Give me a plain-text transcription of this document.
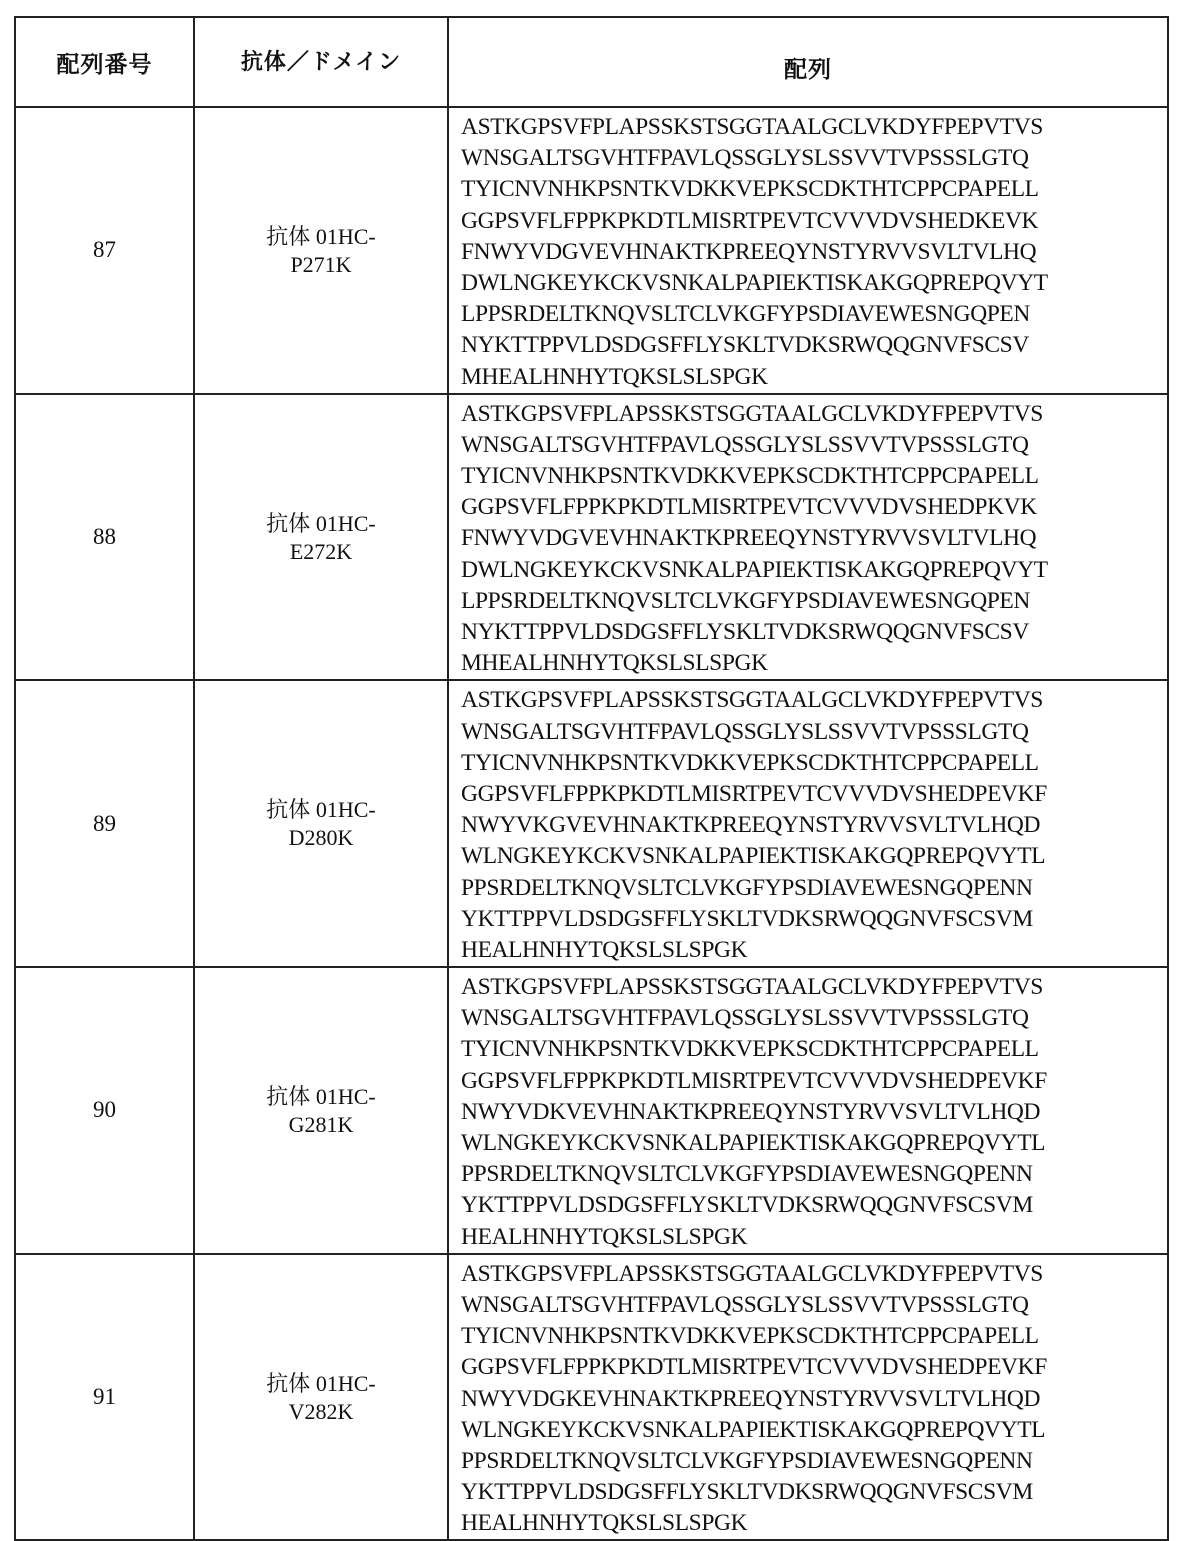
配列番号	抗体／ドメイン	配列
87	抗体 01HC-
P271K

ASTKGPSVFPLAPSSKSTSGGTAALGCLVKDYFPEPVTVS
WNSGALTSGVHTFPAVLQSSGLYSLSSVVTVPSSSLGTQ
TYICNVNHKPSNTKVDKKVEPKSCDKTHTCPPCPAPELL
GGPSVFLFPPKPKDTLMISRTPEVTCVVVDVSHEDKEVK
FNWYVDGVEVHNAKTKPREEQYNSTYRVVSVLTVLHQ
DWLNGKEYKCKVSNKALPAPIEKTISKAKGQPREPQVYT
LPPSRDELTKNQVSLTCLVKGFYPSDIAVEWESNGQPEN
NYKTTPPVLDSDGSFFLYSKLTVDKSRWQQGNVFSCSV
MHEALHNHYTQKSLSLSPGK

88	抗体 01HC-
E272K

ASTKGPSVFPLAPSSKSTSGGTAALGCLVKDYFPEPVTVS
WNSGALTSGVHTFPAVLQSSGLYSLSSVVTVPSSSLGTQ
TYICNVNHKPSNTKVDKKVEPKSCDKTHTCPPCPAPELL
GGPSVFLFPPKPKDTLMISRTPEVTCVVVDVSHEDPKVK
FNWYVDGVEVHNAKTKPREEQYNSTYRVVSVLTVLHQ
DWLNGKEYKCKVSNKALPAPIEKTISKAKGQPREPQVYT
LPPSRDELTKNQVSLTCLVKGFYPSDIAVEWESNGQPEN
NYKTTPPVLDSDGSFFLYSKLTVDKSRWQQGNVFSCSV
MHEALHNHYTQKSLSLSPGK

89	抗体 01HC-
D280K

ASTKGPSVFPLAPSSKSTSGGTAALGCLVKDYFPEPVTVS
WNSGALTSGVHTFPAVLQSSGLYSLSSVVTVPSSSLGTQ
TYICNVNHKPSNTKVDKKVEPKSCDKTHTCPPCPAPELL
GGPSVFLFPPKPKDTLMISRTPEVTCVVVDVSHEDPEVKF
NWYVKGVEVHNAKTKPREEQYNSTYRVVSVLTVLHQD
WLNGKEYKCKVSNKALPAPIEKTISKAKGQPREPQVYTL
PPSRDELTKNQVSLTCLVKGFYPSDIAVEWESNGQPENN
YKTTPPVLDSDGSFFLYSKLTVDKSRWQQGNVFSCSVM
HEALHNHYTQKSLSLSPGK

90	抗体 01HC-
G281K

ASTKGPSVFPLAPSSKSTSGGTAALGCLVKDYFPEPVTVS
WNSGALTSGVHTFPAVLQSSGLYSLSSVVTVPSSSLGTQ
TYICNVNHKPSNTKVDKKVEPKSCDKTHTCPPCPAPELL
GGPSVFLFPPKPKDTLMISRTPEVTCVVVDVSHEDPEVKF
NWYVDKVEVHNAKTKPREEQYNSTYRVVSVLTVLHQD
WLNGKEYKCKVSNKALPAPIEKTISKAKGQPREPQVYTL
PPSRDELTKNQVSLTCLVKGFYPSDIAVEWESNGQPENN
YKTTPPVLDSDGSFFLYSKLTVDKSRWQQGNVFSCSVM
HEALHNHYTQKSLSLSPGK

91	抗体 01HC-
V282K

ASTKGPSVFPLAPSSKSTSGGTAALGCLVKDYFPEPVTVS
WNSGALTSGVHTFPAVLQSSGLYSLSSVVTVPSSSLGTQ
TYICNVNHKPSNTKVDKKVEPKSCDKTHTCPPCPAPELL
GGPSVFLFPPKPKDTLMISRTPEVTCVVVDVSHEDPEVKF
NWYVDGKEVHNAKTKPREEQYNSTYRVVSVLTVLHQD
WLNGKEYKCKVSNKALPAPIEKTISKAKGQPREPQVYTL
PPSRDELTKNQVSLTCLVKGFYPSDIAVEWESNGQPENN
YKTTPPVLDSDGSFFLYSKLTVDKSRWQQGNVFSCSVM
HEALHNHYTQKSLSLSPGK
